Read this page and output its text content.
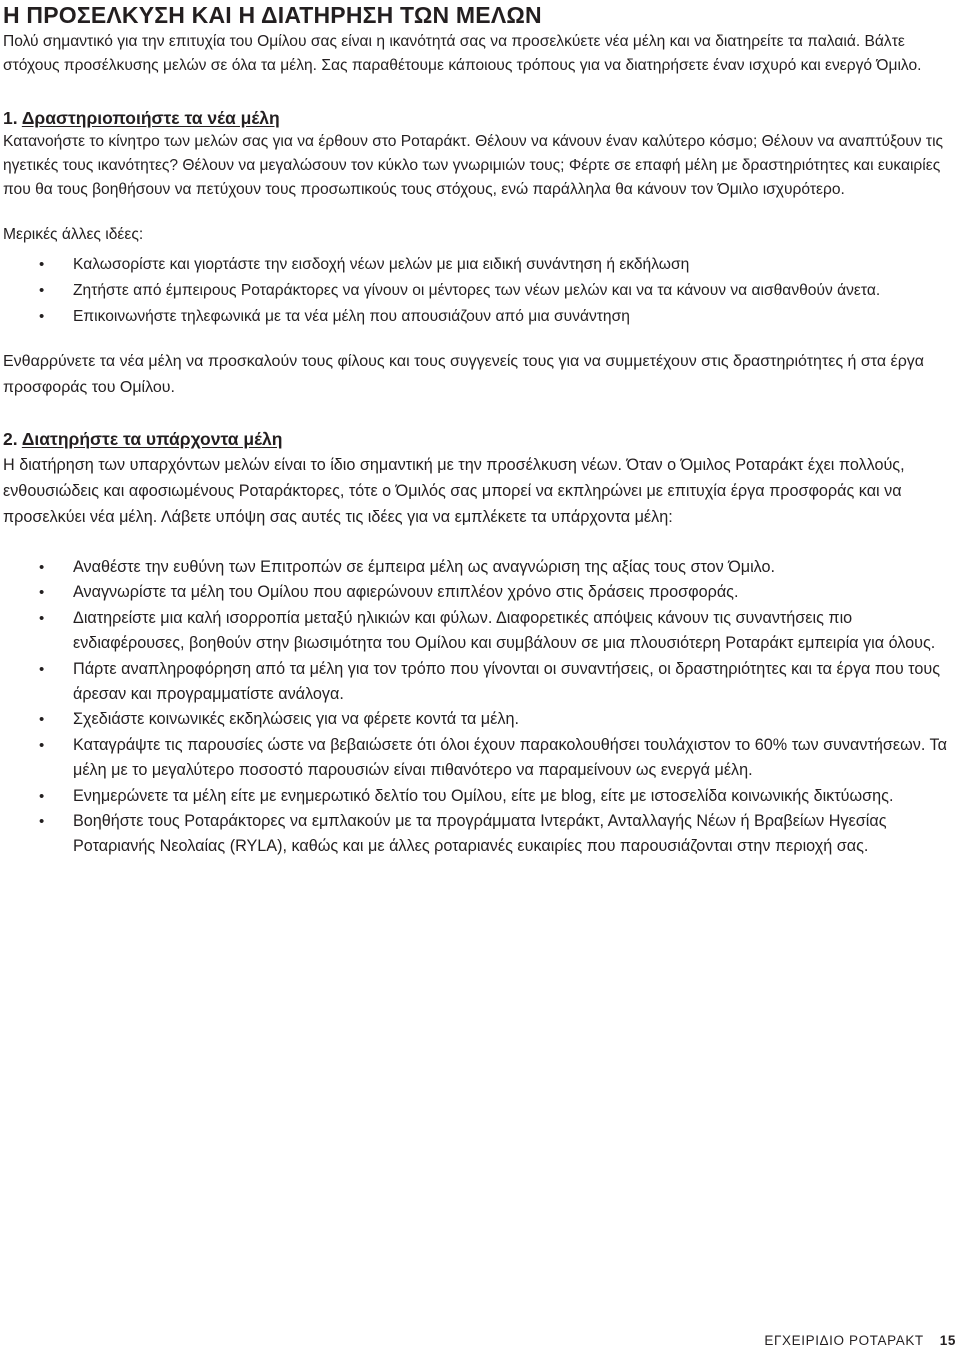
Η ΠΡΟΣΕΛΚΥΣΗ ΚΑΙ Η ΔΙΑΤΗΡΗΣΗ ΤΩΝ ΜΕΛΩΝ

Πολύ σημαντικό για την επιτυχία του Ομίλου σας είναι η ικανότητά σας να προσελκύετε νέα μέλη και να διατηρείτε τα παλαιά. Βάλτε στόχους προσέλκυσης μελών σε όλα τα μέλη. Σας παραθέτουμε κάποιους τρόπους για να διατηρήσετε έναν ισχυρό και ενεργό Όμιλο.

1. Δραστηριοποιήστε τα νέα μέλη

Κατανοήστε το κίνητρο των μελών σας για να έρθουν στο Ροταράκτ. Θέλουν να κάνουν έναν καλύτερο κόσμο; Θέλουν να αναπτύξουν τις ηγετικές τους ικανότητες? Θέλουν να μεγαλώσουν τον κύκλο των γνωριμιών τους; Φέρτε σε επαφή μέλη με δραστηριότητες και ευκαιρίες που θα τους βοηθήσουν να πετύχουν τους προσωπικούς τους στόχους, ενώ παράλληλα θα κάνουν τον Όμιλο ισχυρότερο.

Μερικές άλλες ιδέες:

• Καλωσορίστε και γιορτάστε την εισδοχή νέων μελών με μια ειδική συνάντηση ή εκδήλωση
• Ζητήστε από έμπειρους Ροταράκτορες να γίνουν οι μέντορες των νέων μελών και να τα κάνουν να αισθανθούν άνετα.
• Επικοινωνήστε τηλεφωνικά με τα νέα μέλη που απουσιάζουν από μια συνάντηση

Ενθαρρύνετε τα νέα μέλη να προσκαλούν τους φίλους και τους συγγενείς τους για να συμμετέχουν στις δραστηριότητες ή στα έργα προσφοράς του Ομίλου.

2. Διατηρήστε τα υπάρχοντα μέλη

Η διατήρηση των υπαρχόντων μελών είναι το ίδιο σημαντική με την προσέλκυση νέων. Όταν ο Όμιλος Ροταράκτ έχει πολλούς, ενθουσιώδεις και αφοσιωμένους Ροταράκτορες, τότε ο Όμιλός σας μπορεί να εκπληρώνει με επιτυχία έργα προσφοράς και να προσελκύει νέα μέλη. Λάβετε υπόψη σας αυτές τις ιδέες για να εμπλέκετε τα υπάρχοντα μέλη:

• Αναθέστε την ευθύνη των Επιτροπών σε έμπειρα μέλη ως αναγνώριση της αξίας τους στον Όμιλο.
• Αναγνωρίστε τα μέλη του Ομίλου που αφιερώνουν επιπλέον χρόνο στις δράσεις προσφοράς.
• Διατηρείστε μια καλή ισορροπία μεταξύ ηλικιών και φύλων. Διαφορετικές απόψεις κάνουν τις συναντήσεις πιο ενδιαφέρουσες, βοηθούν στην βιωσιμότητα του Ομίλου και συμβάλουν σε μια πλουσιότερη Ροταράκτ εμπειρία για όλους.
• Πάρτε αναπληροφόρηση από τα μέλη για τον τρόπο που γίνονται οι συναντήσεις, οι δραστηριότητες και τα έργα που τους άρεσαν και προγραμματίστε ανάλογα.
• Σχεδιάστε κοινωνικές εκδηλώσεις για να φέρετε κοντά τα μέλη.
• Καταγράψτε τις παρουσίες ώστε να βεβαιώσετε ότι όλοι έχουν παρακολουθήσει τουλάχιστον το 60% των συναντήσεων. Τα μέλη με το μεγαλύτερο ποσοστό παρουσιών είναι πιθανότερο να παραμείνουν ως ενεργά μέλη.
• Ενημερώνετε τα μέλη είτε με ενημερωτικό δελτίο του Ομίλου, είτε με blog, είτε με ιστοσελίδα κοινωνικής δικτύωσης.
• Βοηθήστε τους Ροταράκτορες να εμπλακούν με τα προγράμματα Ιντεράκτ, Ανταλλαγής Νέων ή Βραβείων Ηγεσίας Ροταριανής Νεολαίας (RYLA), καθώς και με άλλες ροταριανές ευκαιρίες που παρουσιάζονται στην περιοχή σας.
ΕΓΧΕΙΡΙΔΙΟ ΡΟΤΑΡΑΚΤ 15
